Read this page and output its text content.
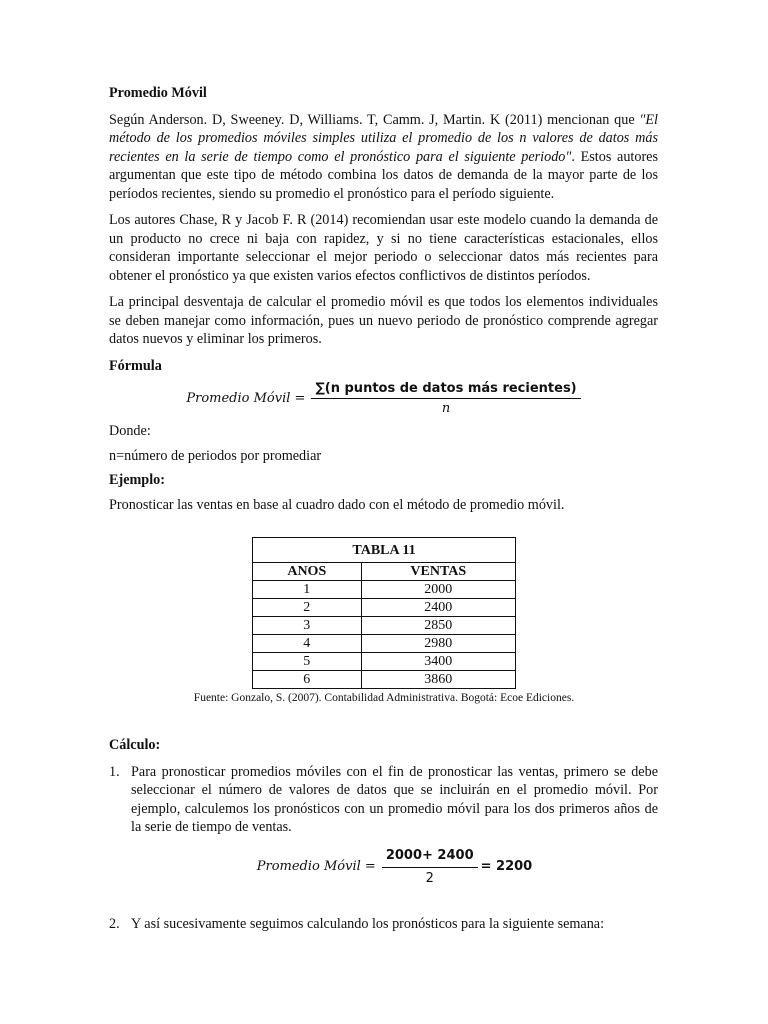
Promedio Móvil

Según Anderson. D, Sweeney. D, Williams. T, Camm. J, Martin. K (2011) mencionan que "El método de los promedios móviles simples utiliza el promedio de los n valores de datos más recientes en la serie de tiempo como el pronóstico para el siguiente periodo". Estos autores argumentan que este tipo de método combina los datos de demanda de la mayor parte de los períodos recientes, siendo su promedio el pronóstico para el período siguiente.

Los autores Chase, R y Jacob F. R (2014) recomiendan usar este modelo cuando la demanda de un producto no crece ni baja con rapidez, y si no tiene características estacionales, ellos consideran importante seleccionar el mejor periodo o seleccionar datos más recientes para obtener el pronóstico ya que existen varios efectos conflictivos de distintos períodos.

La principal desventaja de calcular el promedio móvil es que todos los elementos individuales se deben manejar como información, pues un nuevo periodo de pronóstico comprende agregar datos nuevos y eliminar los primeros.

Fórmula

Promedio Móvil = $\frac{\text{∑(n puntos de datos más recientes)}}{n}$

Donde:

n=número de periodos por promediar

Ejemplo:

Pronosticar las ventas en base al cuadro dado con el método de promedio móvil.

TABLA 11	
ANOS	VENTAS
1	2000
2	2400
3	2850
4	2980
5	3400
6	3860
Fuente: Gonzalo, S. (2007). Contabilidad Administrativa. Bogotá: Ecoe Ediciones.

Cálculo:

1. Para pronosticar promedios móviles con el fin de pronosticar las ventas, primero se debe seleccionar el número de valores de datos que se incluirán en el promedio móvil. Por ejemplo, calculemos los pronósticos con un promedio móvil para los dos primeros años de la serie de tiempo de ventas.
Promedio Móvil = $\frac{2000+ 2400}{2} = 2200$
2. Y así sucesivamente seguimos calculando los pronósticos para la siguiente semana:
